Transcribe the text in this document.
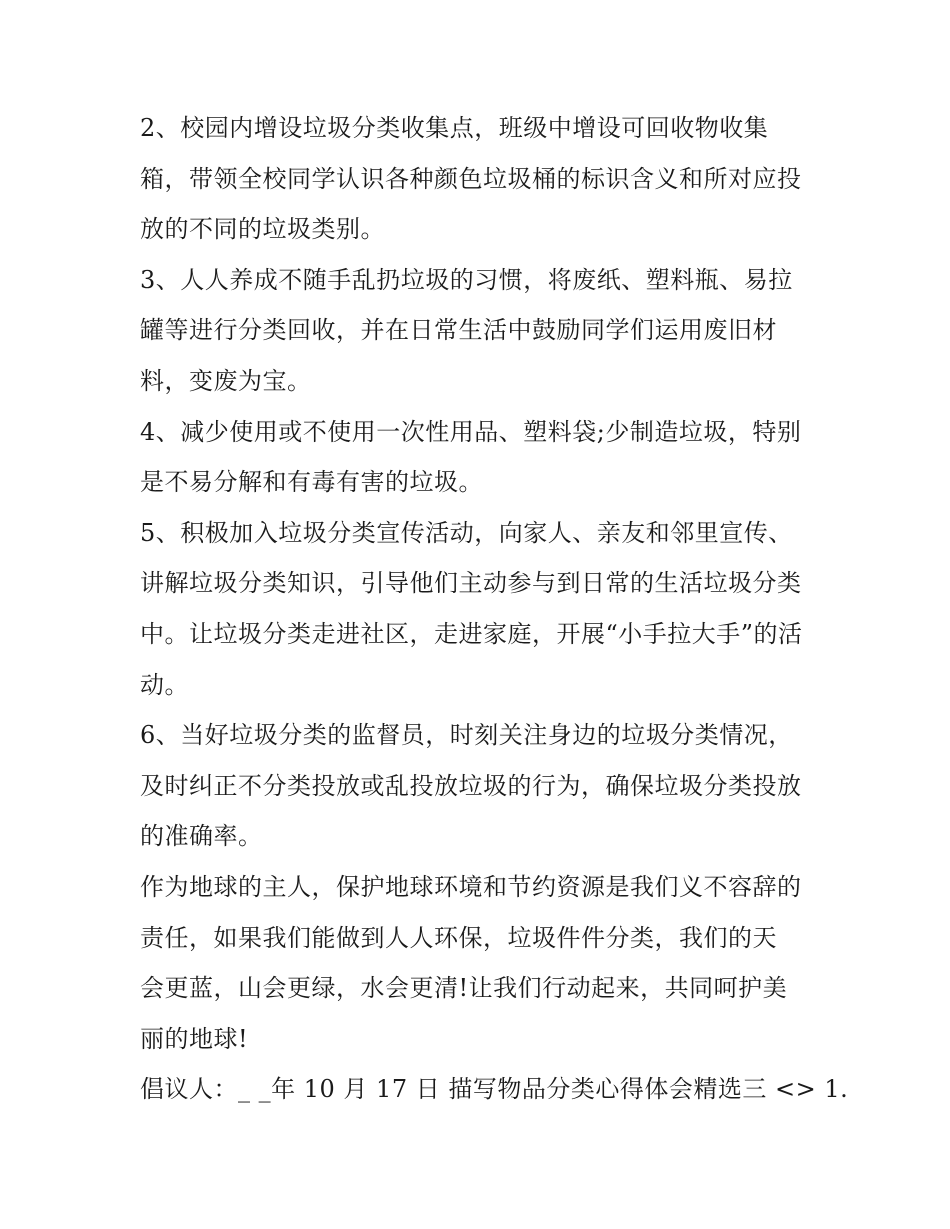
2、校园内增设垃圾分类收集点，班级中增设可回收物收集
箱，带领全校同学认识各种颜色垃圾桶的标识含义和所对应投
放的不同的垃圾类别。
3、人人养成不随手乱扔垃圾的习惯，将废纸、塑料瓶、易拉
罐等进行分类回收，并在日常生活中鼓励同学们运用废旧材
料，变废为宝。
4、减少使用或不使用一次性用品、塑料袋;少制造垃圾，特别
是不易分解和有毒有害的垃圾。
5、积极加入垃圾分类宣传活动，向家人、亲友和邻里宣传、
讲解垃圾分类知识，引导他们主动参与到日常的生活垃圾分类
中。让垃圾分类走进社区，走进家庭，开展“小手拉大手”的活
动。
6、当好垃圾分类的监督员，时刻关注身边的垃圾分类情况，
及时纠正不分类投放或乱投放垃圾的行为，确保垃圾分类投放
的准确率。
作为地球的主人，保护地球环境和节约资源是我们义不容辞的
责任，如果我们能做到人人环保，垃圾件件分类，我们的天
会更蓝，山会更绿，水会更清!让我们行动起来，共同呵护美
丽的地球!
倡议人：_ _年 10 月 17 日 描写物品分类心得体会精选三 <> 1.
